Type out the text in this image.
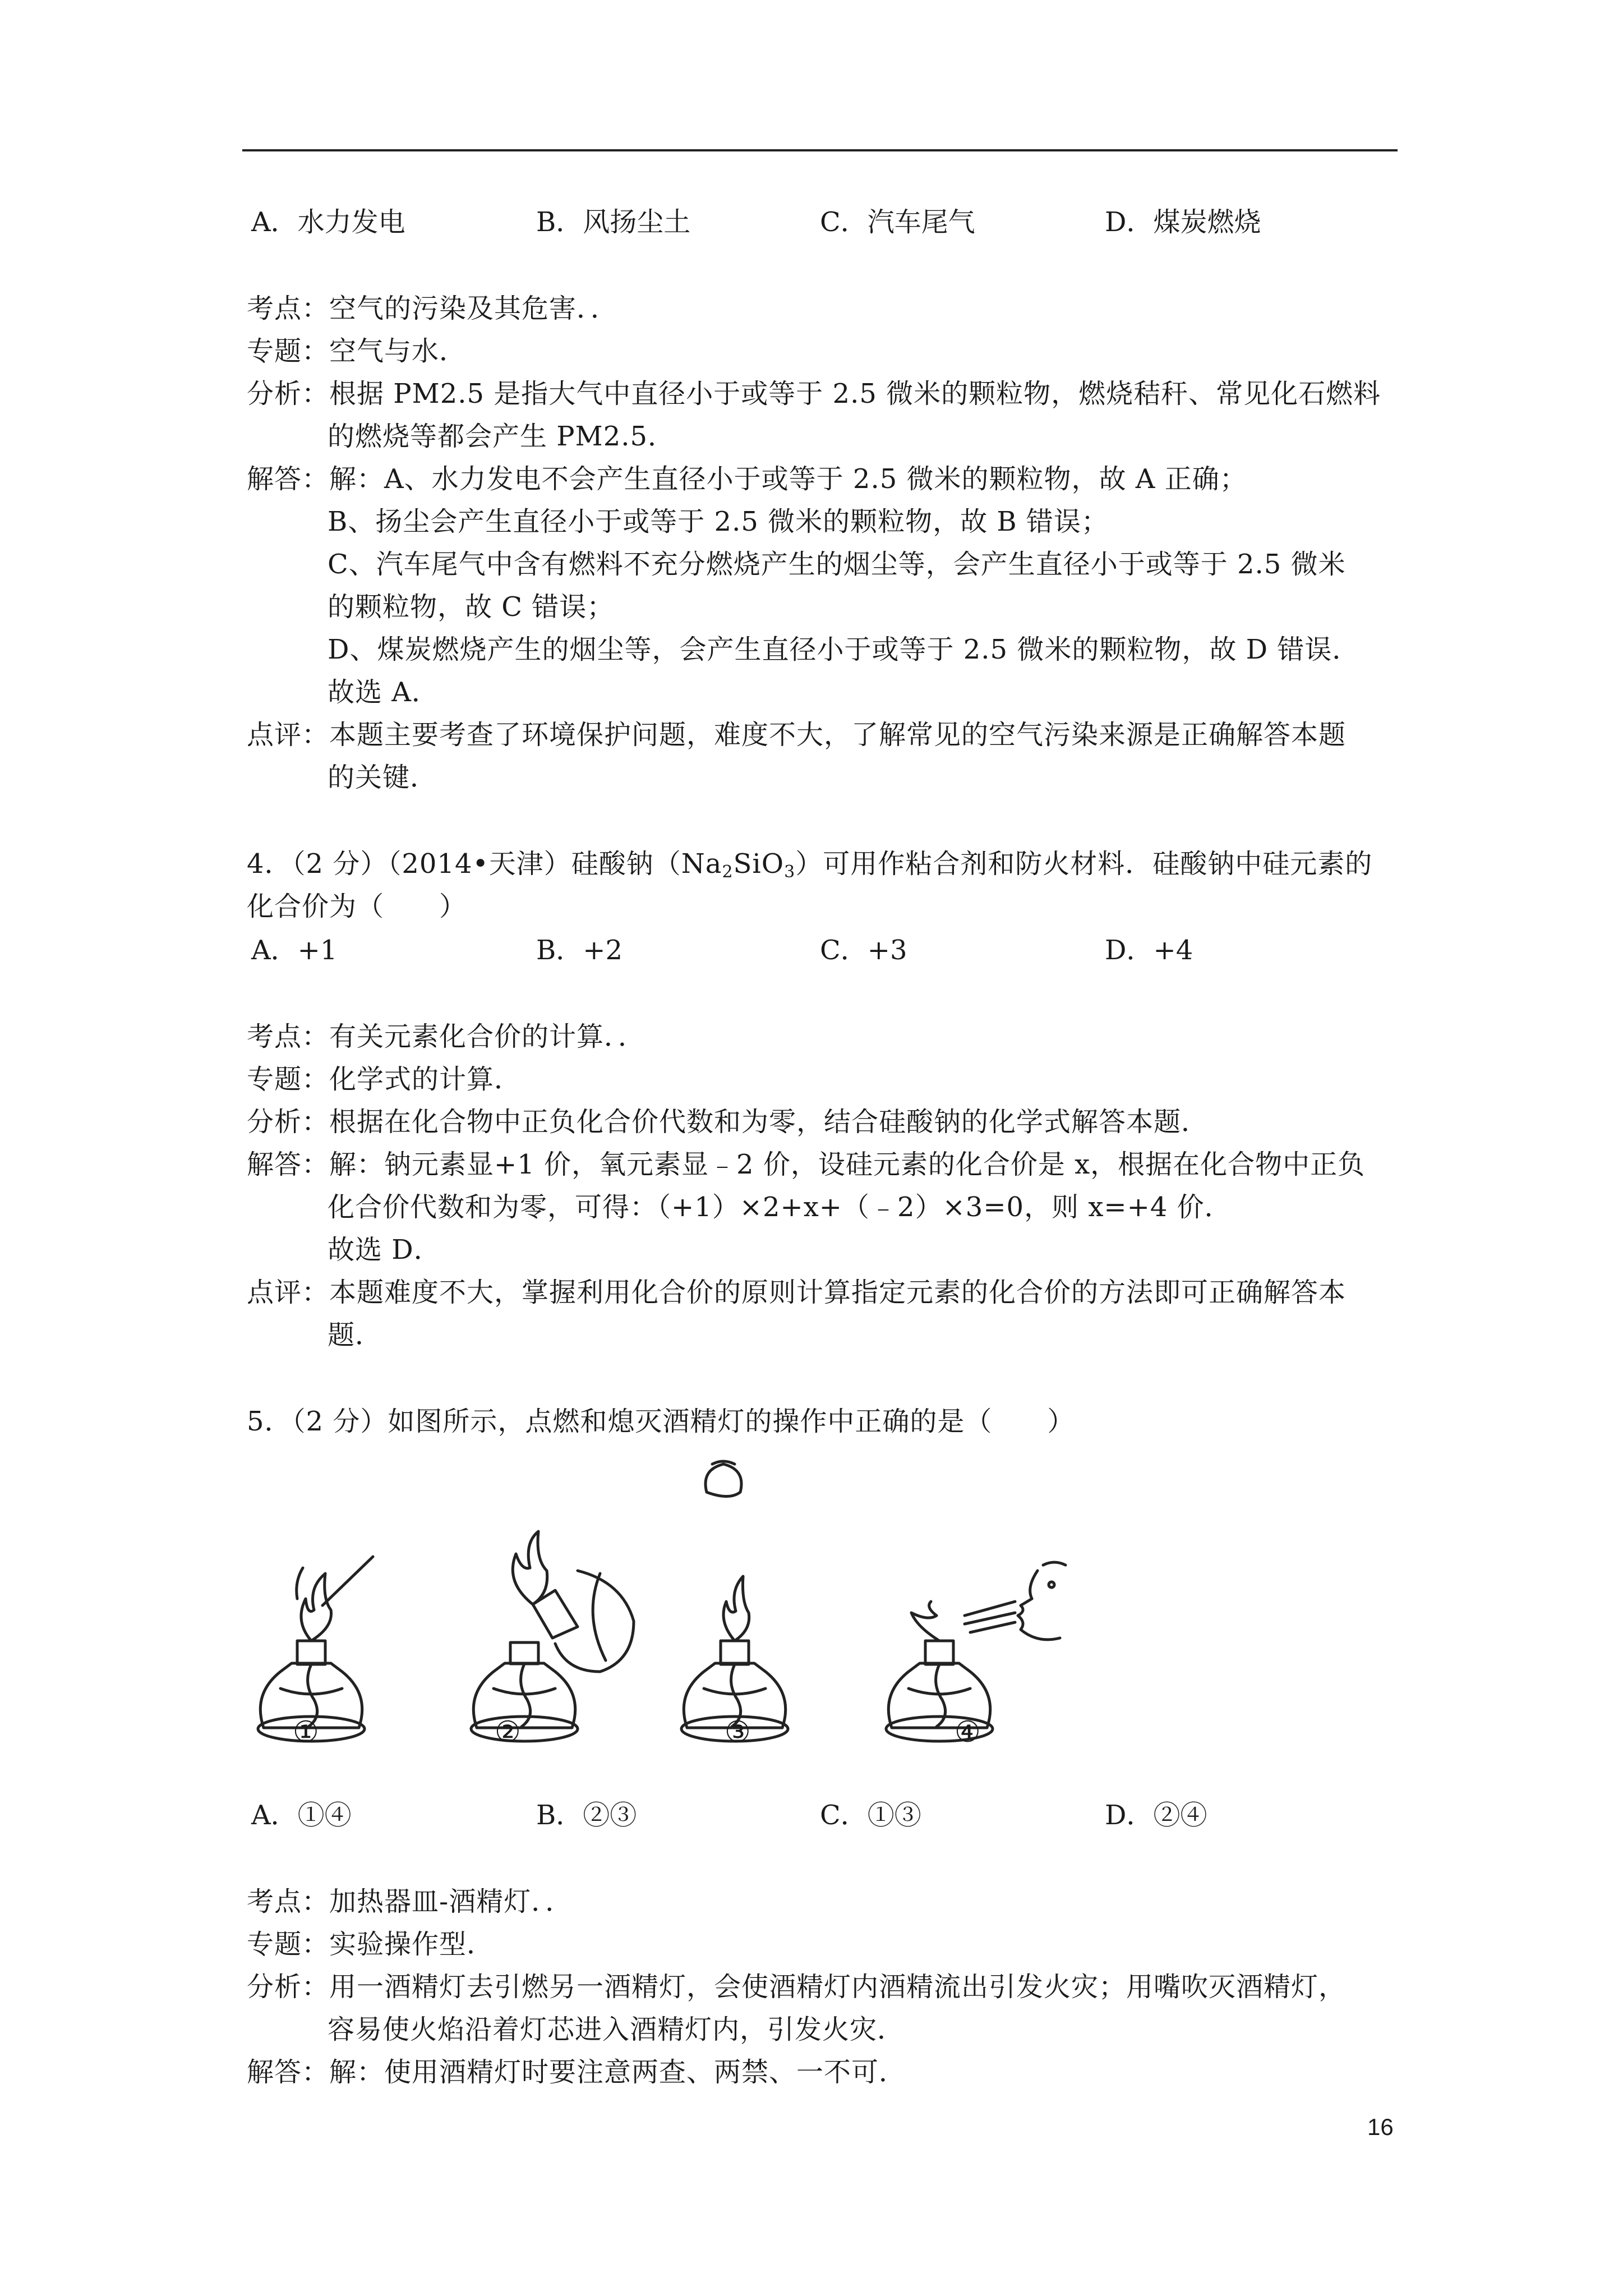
A．水力发电	B．风扬尘土	C．汽车尾气	D．煤炭燃烧
考点：空气的污染及其危害．．
专题：空气与水．
分析：根据 PM2.5 是指大气中直径小于或等于 2.5 微米的颗粒物，燃烧秸秆、常见化石燃料
的燃烧等都会产生 PM2.5．
解答：解：A、水力发电不会产生直径小于或等于 2.5 微米的颗粒物，故 A 正确；
B、扬尘会产生直径小于或等于 2.5 微米的颗粒物，故 B 错误；
C、汽车尾气中含有燃料不充分燃烧产生的烟尘等，会产生直径小于或等于 2.5 微米
的颗粒物，故 C 错误；
D、煤炭燃烧产生的烟尘等，会产生直径小于或等于 2.5 微米的颗粒物，故 D 错误．
故选 A．
点评：本题主要考查了环境保护问题，难度不大，了解常见的空气污染来源是正确解答本题
的关键．
4．（2 分）（2014•天津）硅酸钠$(Na_2SiO_3)$可用作粘合剂和防火材料．硅酸钠中硅元素的
化合价为（　　）
A．+1	B．+2	C．+3	D．+4
考点：有关元素化合价的计算．．
专题：化学式的计算．
分析：根据在化合物中正负化合价代数和为零，结合硅酸钠的化学式解答本题．
解答：解：钠元素显+1 价，氧元素显﹣2 价，设硅元素的化合价是 x，根据在化合物中正负
化合价代数和为零，可得：（+1）×2+x+（﹣2）×3=0，则 x=+4 价．
故选 D．
点评：本题难度不大，掌握利用化合价的原则计算指定元素的化合价的方法即可正确解答本
题．
5．（2 分）如图所示，点燃和熄灭酒精灯的操作中正确的是（　　）
①	②	③	④
A．①④	B．②③	C．①③	D．②④
考点：加热器皿-酒精灯．．
专题：实验操作型．
分析：用一酒精灯去引燃另一酒精灯，会使酒精灯内酒精流出引发火灾；用嘴吹灭酒精灯，
容易使火焰沿着灯芯进入酒精灯内，引发火灾．
解答：解：使用酒精灯时要注意两查、两禁、一不可．
16
